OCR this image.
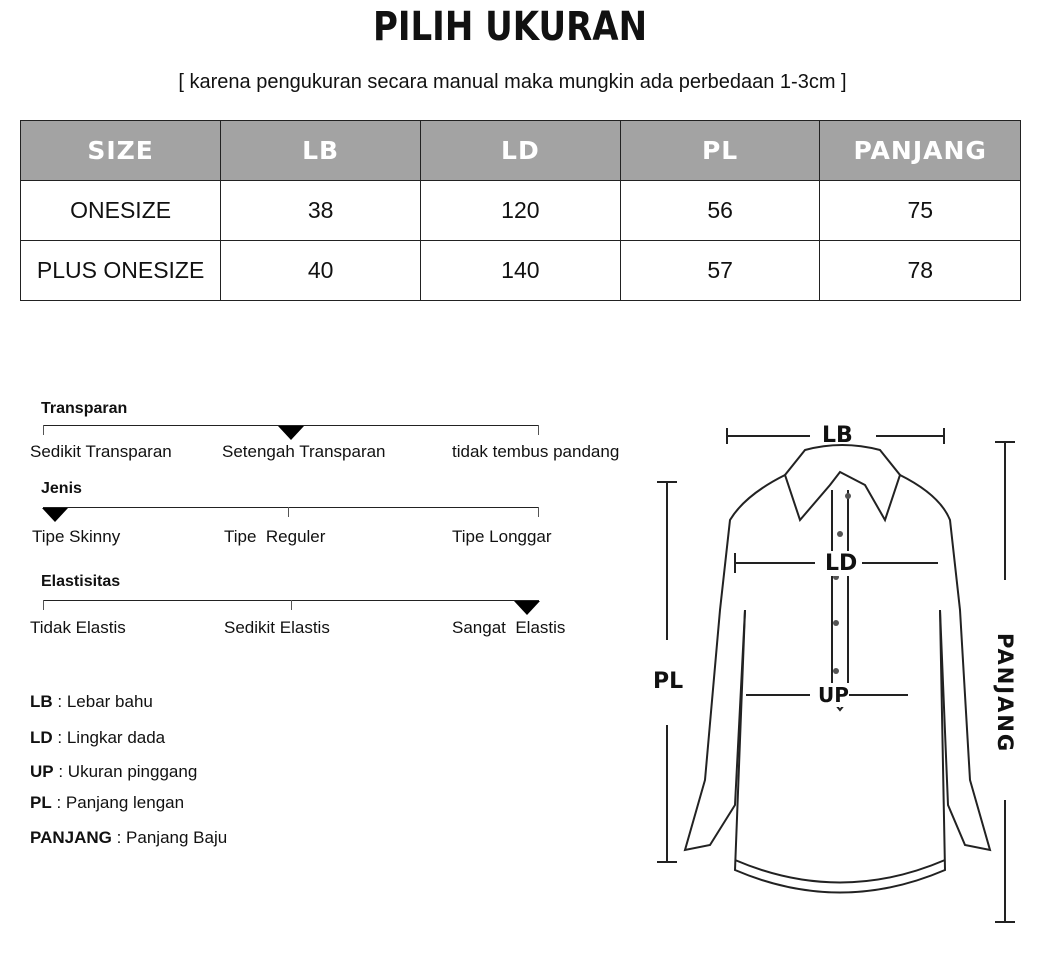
PILIH UKURAN
[ karena pengukuran secara manual maka mungkin ada perbedaan 1-3cm ]
SIZE	LB	LD	PL	PANJANG
ONESIZE	38	120	56	75
PLUS ONESIZE	40	140	57	78
Transparan
Sedikit Transparan	Setengah Transparan	tidak tembus pandang
Jenis
Tipe Skinny	Tipe  Reguler	Tipe Longgar
Elastisitas
Tidak Elastis	Sedikit Elastis	Sangat  Elastis
LB : Lebar bahu
LD : Lingkar dada
UP : Ukuran pinggang
PL : Panjang lengan
PANJANG : Panjang Baju
LB
LD
UP
PL	PANJANG
